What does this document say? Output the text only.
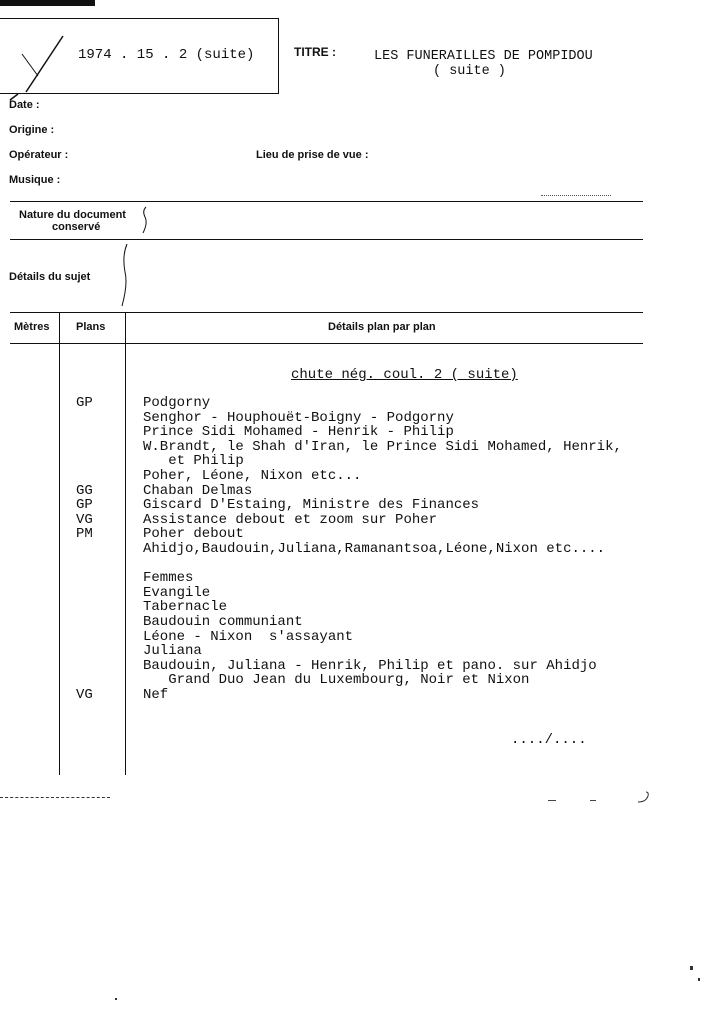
1974 . 15 . 2 (suite)	TITRE :	LES FUNERAILLES DE POMPIDOU
( suite )
Date :
Origine :
Opérateur :	Lieu de prise de vue :
Musique :
Nature du document
conservé
Détails du sujet
Mètres Plans	Détails plan par plan
chute nég. coul. 2 ( suite)
GP	Podgorny
Senghor - Houphouët-Boigny - Podgorny
Prince Sidi Mohamed - Henrik - Philip
W.Brandt, le Shah d'Iran, le Prince Sidi Mohamed, Henrik,
et Philip
Poher, Léone, Nixon etc...
GG	Chaban Delmas
GP	Giscard D'Estaing, Ministre des Finances
VG	Assistance debout et zoom sur Poher
PM	Poher debout
Ahidjo,Baudouin,Juliana,Ramanantsoa,Léone,Nixon etc....
Femmes
Evangile
Tabernacle
Baudouin communiant
Léone - Nixon  s'assayant
Juliana
Baudouin, Juliana - Henrik, Philip et pano. sur Ahidjo
Grand Duo Jean du Luxembourg, Noir et Nixon
VG	Nef
..../....
